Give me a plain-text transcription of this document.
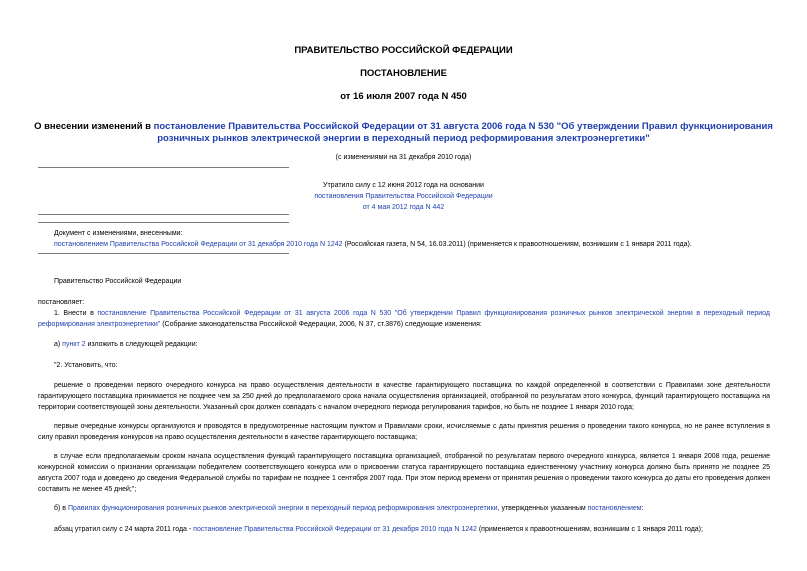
ПРАВИТЕЛЬСТВО РОССИЙСКОЙ ФЕДЕРАЦИИ
ПОСТАНОВЛЕНИЕ
от 16 июля 2007 года N 450
О внесении изменений в постановление Правительства Российской Федерации от 31 августа 2006 года N 530 "Об утверждении Правил функционирования
розничных рынков электрической энергии в переходный период реформирования электроэнергетики"
(с изменениями на 31 декабря 2010 года)
Утратило силу с 12 июня 2012 года на основании
постановления Правительства Российской Федерации
от 4 мая 2012 года N 442
Документ с изменениями, внесенными:
постановлением Правительства Российской Федерации от 31 декабря 2010 года N 1242 (Российская газета, N 54, 16.03.2011) (применяется к правоотношениям, возникшим с 1 января 2011 года).
Правительство Российской Федерации
постановляет:
1. Внести в постановление Правительства Российской Федерации от 31 августа 2006 года N 530 "Об утверждении Правил функционирования розничных рынков электрической энергии в переходный период реформирования электроэнергетики" (Собрание законодательства Российской Федерации, 2006, N 37, ст.3876) следующие изменения:
а) пункт 2 изложить в следующей редакции:
"2. Установить, что:
решение о проведении первого очередного конкурса на право осуществления деятельности в качестве гарантирующего поставщика по каждой определенной в соответствии с Правилами зоне деятельности гарантирующего поставщика принимается не позднее чем за 250 дней до предполагаемого срока начала осуществления организацией, отобранной по результатам этого конкурса, функций гарантирующего поставщика на территории соответствующей зоны деятельности. Указанный срок должен совпадать с началом очередного периода регулирования тарифов, но быть не позднее 1 января 2010 года;
первые очередные конкурсы организуются и проводятся в предусмотренные настоящим пунктом и Правилами сроки, исчисляемые с даты принятия решения о проведении такого конкурса, но не ранее вступления в силу правил проведения конкурсов на право осуществления деятельности в качестве гарантирующего поставщика;
в случае если предполагаемым сроком начала осуществления функций гарантирующего поставщика организацией, отобранной по результатам первого очередного конкурса, является 1 января 2008 года, решение конкурсной комиссии о признании организации победителем соответствующего конкурса или о присвоении статуса гарантирующего поставщика единственному участнику конкурса должно быть принято не позднее 25 августа 2007 года и доведено до сведения Федеральной службы по тарифам не позднее 1 сентября 2007 года. При этом период времени от принятия решения о проведении такого конкурса до даты его проведения должен составить не менее 45 дней;";
б) в Правилах функционирования розничных рынков электрической энергии в переходный период реформирования электроэнергетики, утвержденных указанным постановлением:
абзац утратил силу с 24 марта 2011 года - постановление Правительства Российской Федерации от 31 декабря 2010 года N 1242 (применяется к правоотношениям, возникшим с 1 января 2011 года);
